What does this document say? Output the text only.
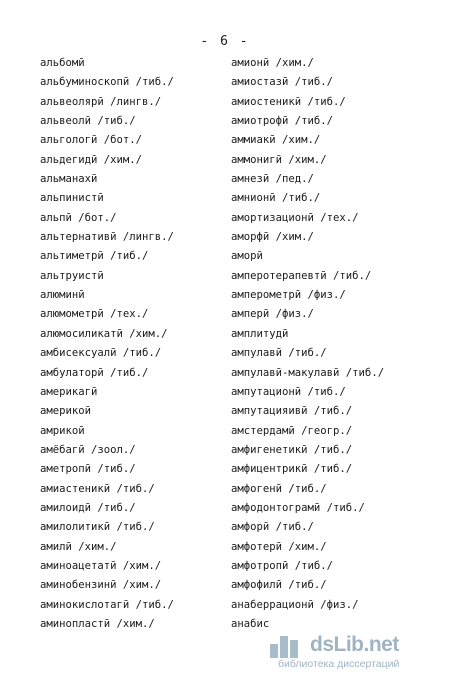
- 6 -
альбомӣ
альбуминоскопӣ /тиб./
альвеолярӣ /лингв./
альвеолӣ /тиб./
альгологӣ /бот./
альдегидӣ /хим./
альманахӣ
альпинистӣ
альпӣ /бот./
альтернативӣ /лингв./
альтиметрӣ /тиб./
альтруистӣ
алюминӣ
алюмометрӣ /тех./
алюмосиликатӣ /хим./
амбисексуалӣ /тиб./
амбулаторӣ /тиб./
америкагӣ
америкоӣ
амрикоӣ
амёбагӣ /зоол./
аметропӣ /тиб./
амиастеникӣ /тиб./
амилоидӣ /тиб./
амилолитикӣ /тиб./
амилӣ /хим./
аминоацетатӣ /хим./
аминобензинӣ /хим./
аминокислотагӣ /тиб./
аминопластӣ /хим./
амионӣ /хим./
амиостазӣ /тиб./
амиостеникӣ /тиб./
амиотрофӣ /тиб./
аммиакӣ /хим./
аммонигӣ /хим./
амнезӣ /пед./
амнионӣ /тиб./
амортизационӣ /тех./
аморфӣ /хим./
аморӣ
амперотерапевтӣ /тиб./
амперометрӣ /физ./
амперӣ /физ./
амплитудӣ
ампулавӣ /тиб./
ампулавӣ-макулавӣ /тиб./
ампутационӣ /тиб./
ампутацияивӣ /тиб./
амстердамӣ /геогр./
амфигенетикӣ /тиб./
амфицентрикӣ /тиб./
амфогенӣ /тиб./
амфодонтограмӣ /тиб./
амфорӣ /тиб./
амфотерӣ /хим./
амфотропӣ /тиб./
амфофилӣ /тиб./
анаберрационӣ /физ./
анабис
dsLib.net
библиотека диссертаций
